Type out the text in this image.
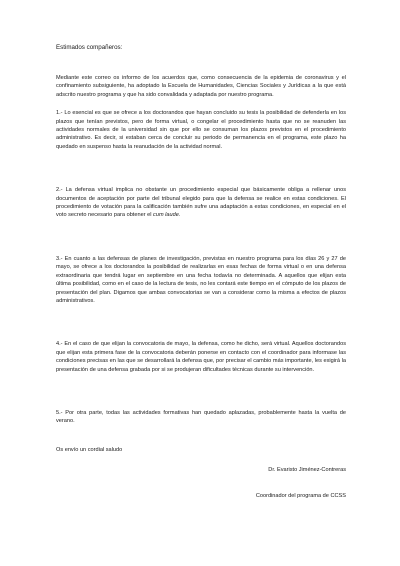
Estimados compañeros:

Mediante este correo os informo de los acuerdos que, como consecuencia de la epidemia de coronavirus y el confinamiento subsiguiente, ha adoptado la Escuela de Humanidades, Ciencias Sociales y Jurídicas a la que está adscrito nuestro programa y que ha sido convalidada y adaptada por nuestro programa.

1.- Lo esencial es que se ofrece a los doctorandos que hayan concluido su tesis la posibilidad de defenderla en los plazos que tenían previstos, pero de forma virtual, o congelar el procedimiento hasta que no se reanuden las actividades normales de la universidad sin que por ello se consuman los plazos previstos en el procedimiento administrativo. Es decir, si estaban cerca de concluir su periodo de permanencia en el programa, este plazo ha quedado en suspenso hasta la reanudación de la actividad normal.

2.- La defensa virtual implica no obstante un procedimiento especial que básicamente obliga a rellenar unos documentos de aceptación por parte del tribunal elegido para que la defensa se realice en estas condiciones. El procedimiento de votación para la calificación también sufre una adaptación a estas condiciones, en especial en el voto secreto necesario para obtener el cum laude.

3.- En cuanto a las defensas de planes de investigación, previstas en nuestro programa para los días 26 y 27 de mayo, se ofrece a los doctorandos la posibilidad de realizarlas en esas fechas de forma virtual o en una defensa extraordinaria que tendrá lugar en septiembre en una fecha todavía no determinada. A aquellos que elijan esta última posibilidad, como en el caso de la lectura de tesis, no les contará este tiempo en el cómputo de los plazos de presentación del plan. Digamos que ambas convocatorias se van a considerar como la misma a efectos de plazos administrativos.

4.- En el caso de que elijan la convocatoria de mayo, la defensa, como he dicho, será virtual. Aquellos doctorandos que elijan esta primera fase de la convocatoria deberán ponerse en contacto con el coordinador para informase las condiciones precisas en las que se desarrollará la defensa que, por precisar el cambio más importante, les exigirá la presentación de una defensa grabada por si se produjeran dificultades técnicas durante su intervención.

5.- Por otra parte, todas las actividades formativas han quedado aplazadas, probablemente hasta la vuelta de verano.

Os envío un cordial saludo

Dr. Evaristo Jiménez-Contreras

Coordinador del programa de CCSS
